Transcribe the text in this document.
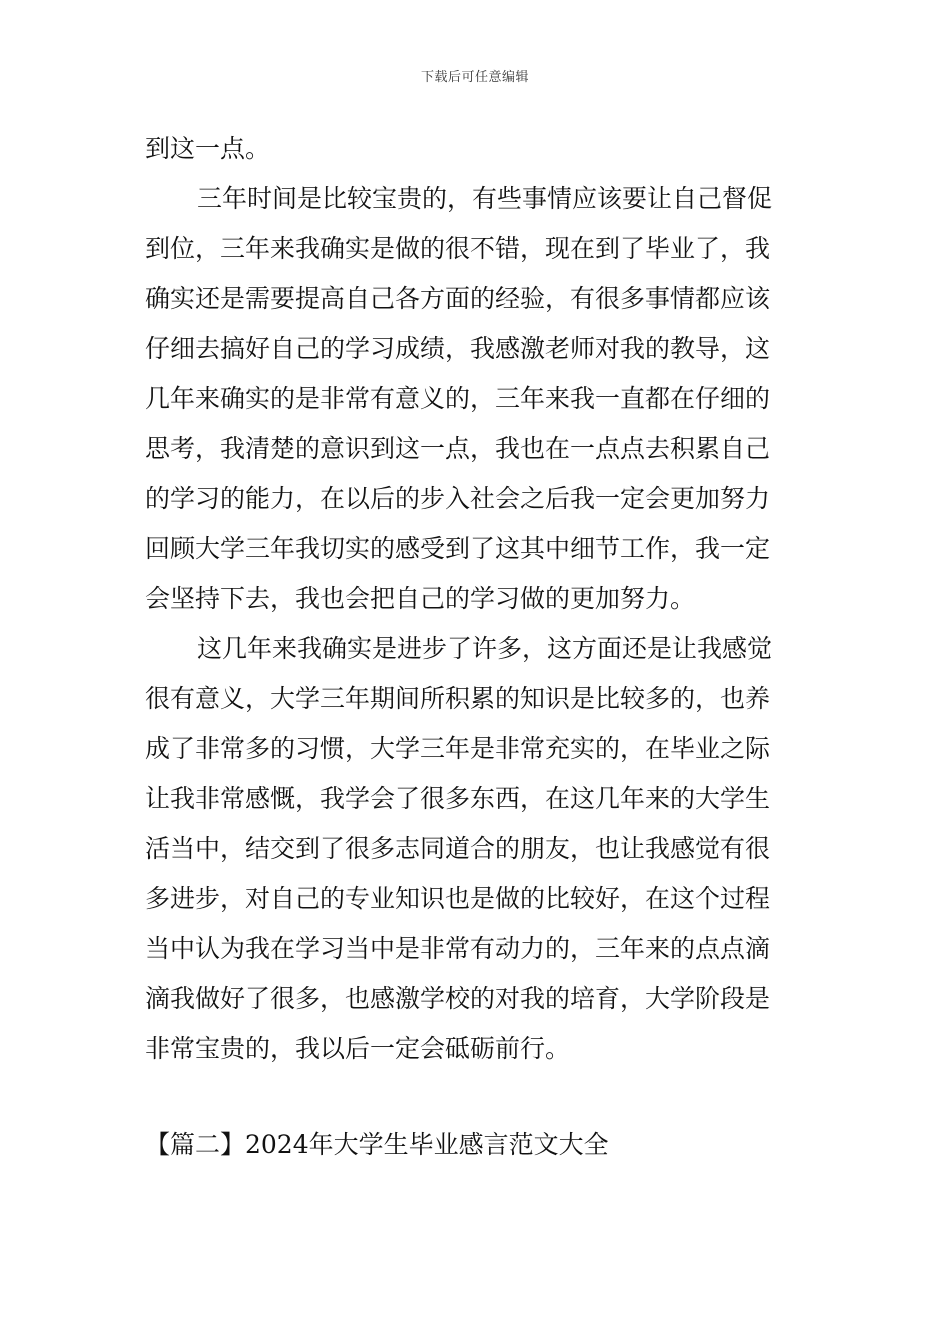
下载后可任意编辑
到这一点。
三年时间是比较宝贵的，有些事情应该要让自己督促
到位，三年来我确实是做的很不错，现在到了毕业了，我
确实还是需要提高自己各方面的经验，有很多事情都应该
仔细去搞好自己的学习成绩，我感激老师对我的教导，这
几年来确实的是非常有意义的，三年来我一直都在仔细的
思考，我清楚的意识到这一点，我也在一点点去积累自己
的学习的能力，在以后的步入社会之后我一定会更加努力
回顾大学三年我切实的感受到了这其中细节工作，我一定
会坚持下去，我也会把自己的学习做的更加努力。
这几年来我确实是进步了许多，这方面还是让我感觉
很有意义，大学三年期间所积累的知识是比较多的，也养
成了非常多的习惯，大学三年是非常充实的，在毕业之际
让我非常感慨，我学会了很多东西，在这几年来的大学生
活当中，结交到了很多志同道合的朋友，也让我感觉有很
多进步，对自己的专业知识也是做的比较好，在这个过程
当中认为我在学习当中是非常有动力的，三年来的点点滴
滴我做好了很多，也感激学校的对我的培育，大学阶段是
非常宝贵的，我以后一定会砥砺前行。
【篇二】2024年大学生毕业感言范文大全
